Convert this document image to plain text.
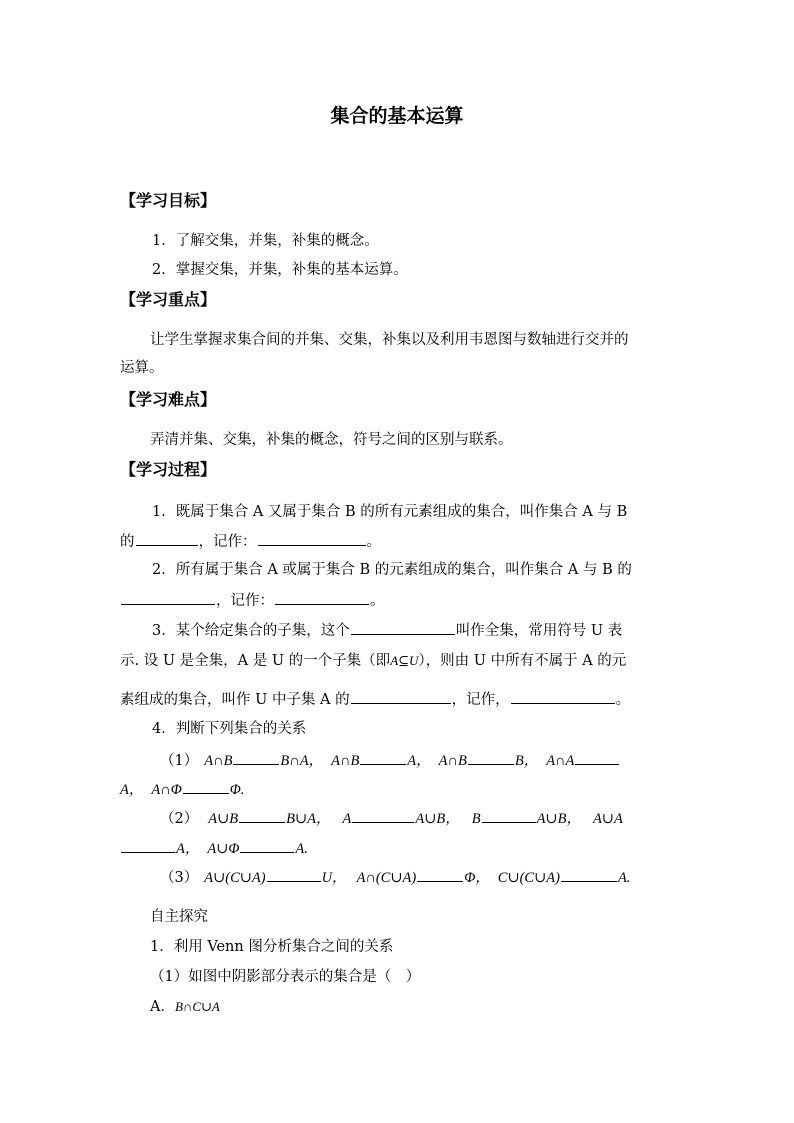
集合的基本运算
【学习目标】
1．了解交集，并集，补集的概念。
2．掌握交集，并集，补集的基本运算。
【学习重点】
让学生掌握求集合间的并集、交集，补集以及利用韦恩图与数轴进行交并的
运算。
【学习难点】
弄清并集、交集，补集的概念，符号之间的区别与联系。
【学习过程】
1．既属于集合 A 又属于集合 B 的所有元素组成的集合，叫作集合 A 与 B
的	，记作：	。
2．所有属于集合 A 或属于集合 B 的元素组成的集合，叫作集合 A 与 B 的
，记作：	。
3．某个给定集合的子集，这个	叫作全集，常用符号 U 表
示. 设 U 是全集，A 是 U 的一个子集（即A⊆U），则由 U 中所有不属于 A 的元
素组成的集合，叫作 U 中子集 A 的	，记作，	。
4．判断下列集合的关系
（1） A∩B	B∩A， A∩B	A， A∩B	B， A∩A
A， A∩Φ	Φ.
（2） A∪B	B∪A， A	A∪B， B	A∪B， A∪A
A， A∪Φ	A.
（3） A∪(C∪A)	U， A∩(C∪A)	Φ， C∪(C∪A)	A.
自主探究
1．利用 Venn 图分析集合之间的关系
（1）如图中阴影部分表示的集合是（　）
A．B∩C∪A
